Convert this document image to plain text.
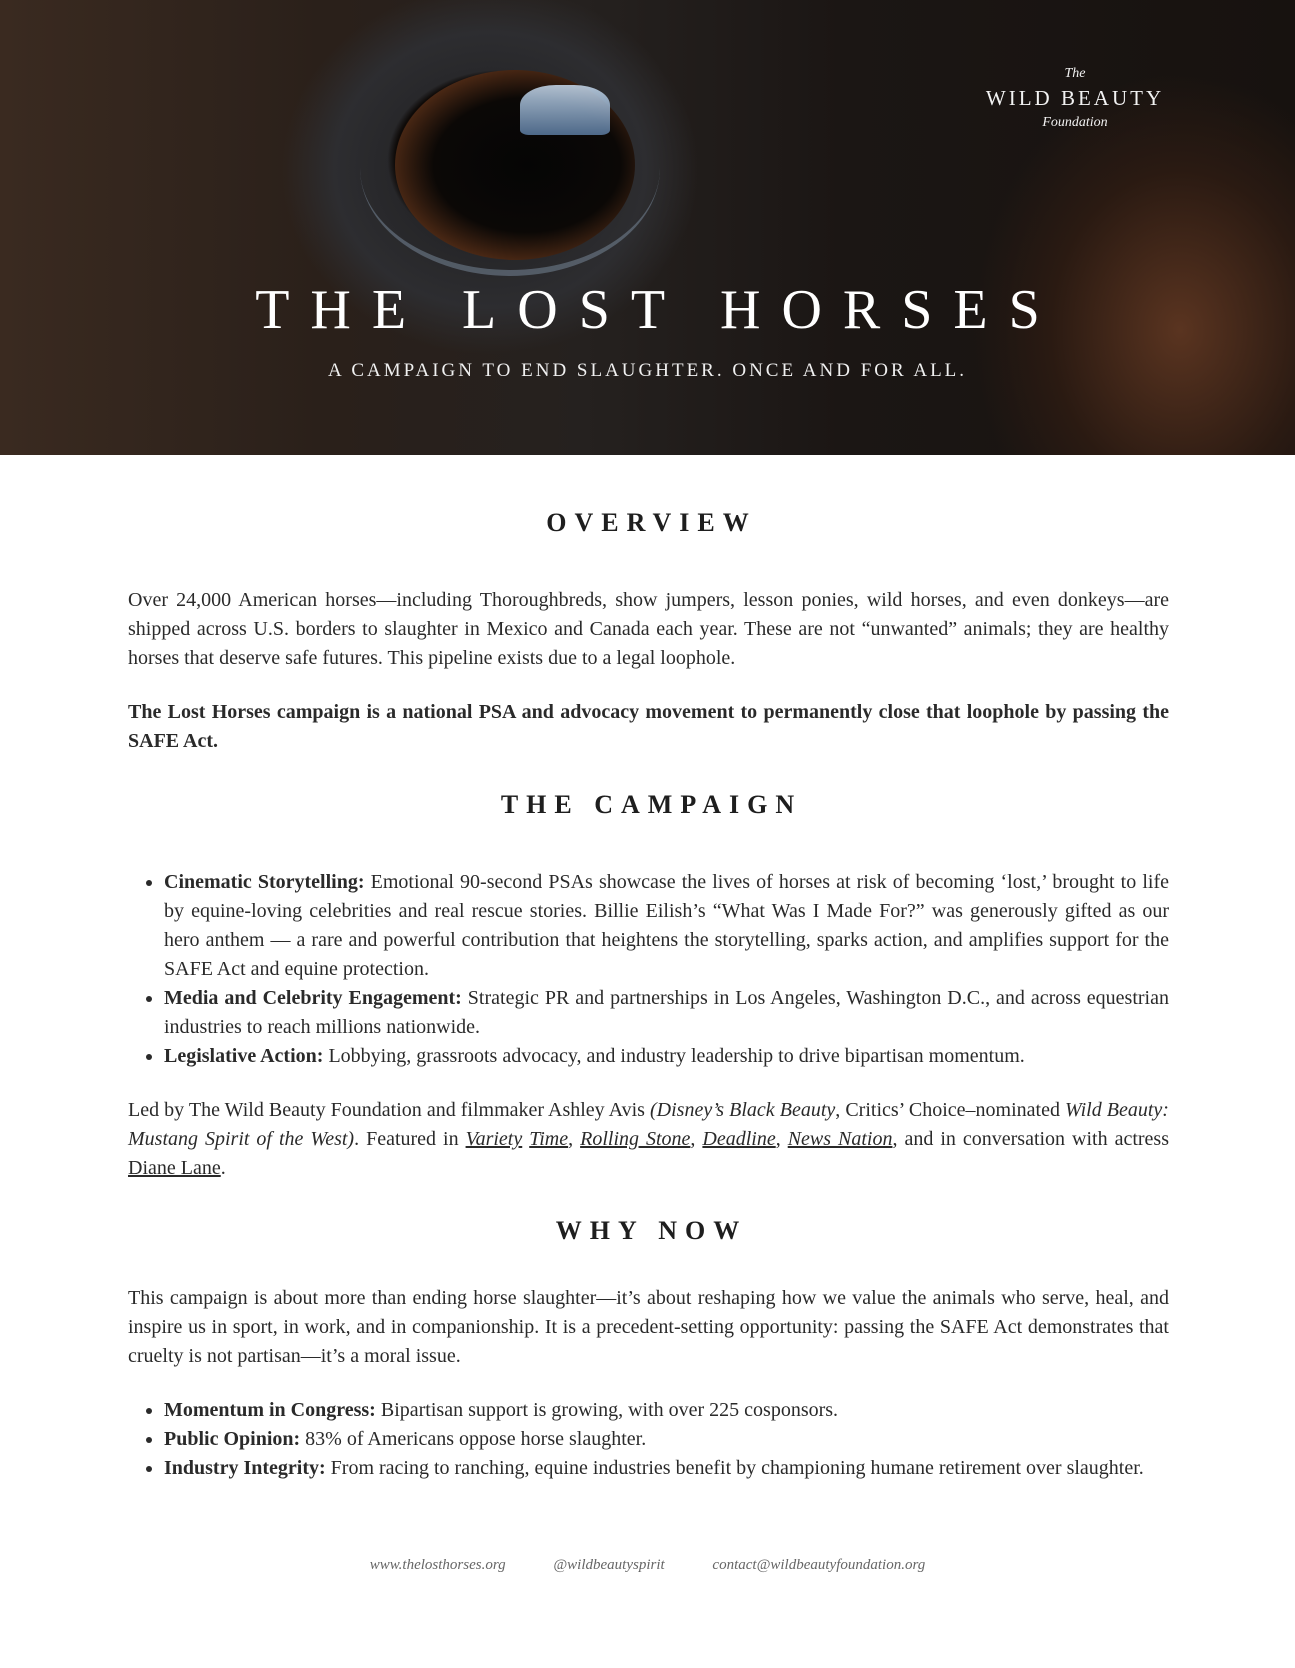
The
WILD BEAUTY
Foundation
THE LOST HORSES
A CAMPAIGN TO END SLAUGHTER. ONCE AND FOR ALL.
OVERVIEW

Over 24,000 American horses—including Thoroughbreds, show jumpers, lesson ponies, wild horses, and even donkeys—are shipped across U.S. borders to slaughter in Mexico and Canada each year. These are not “unwanted” animals; they are healthy horses that deserve safe futures. This pipeline exists due to a legal loophole.

The Lost Horses campaign is a national PSA and advocacy movement to permanently close that loophole by passing the SAFE Act.

THE CAMPAIGN
• Cinematic Storytelling: Emotional 90-second PSAs showcase the lives of horses at risk of becoming ‘lost,’ brought to life by equine-loving celebrities and real rescue stories. Billie Eilish’s “What Was I Made For?” was generously gifted as our hero anthem — a rare and powerful contribution that heightens the storytelling, sparks action, and amplifies support for the SAFE Act and equine protection.
• Media and Celebrity Engagement: Strategic PR and partnerships in Los Angeles, Washington D.C., and across equestrian industries to reach millions nationwide.
• Legislative Action: Lobbying, grassroots advocacy, and industry leadership to drive bipartisan momentum.

Led by The Wild Beauty Foundation and filmmaker Ashley Avis (Disney’s Black Beauty, Critics’ Choice–nominated Wild Beauty: Mustang Spirit of the West). Featured in Variety Time, Rolling Stone, Deadline, News Nation, and in conversation with actress Diane Lane.

WHY NOW

This campaign is about more than ending horse slaughter—it’s about reshaping how we value the animals who serve, heal, and inspire us in sport, in work, and in companionship. It is a precedent-setting opportunity: passing the SAFE Act demonstrates that cruelty is not partisan—it’s a moral issue.

• Momentum in Congress: Bipartisan support is growing, with over 225 cosponsors.
• Public Opinion: 83% of Americans oppose horse slaughter.
• Industry Integrity: From racing to ranching, equine industries benefit by championing humane retirement over slaughter.
www.thelosthorses.org	@wildbeautyspirit	contact@wildbeautyfoundation.org
